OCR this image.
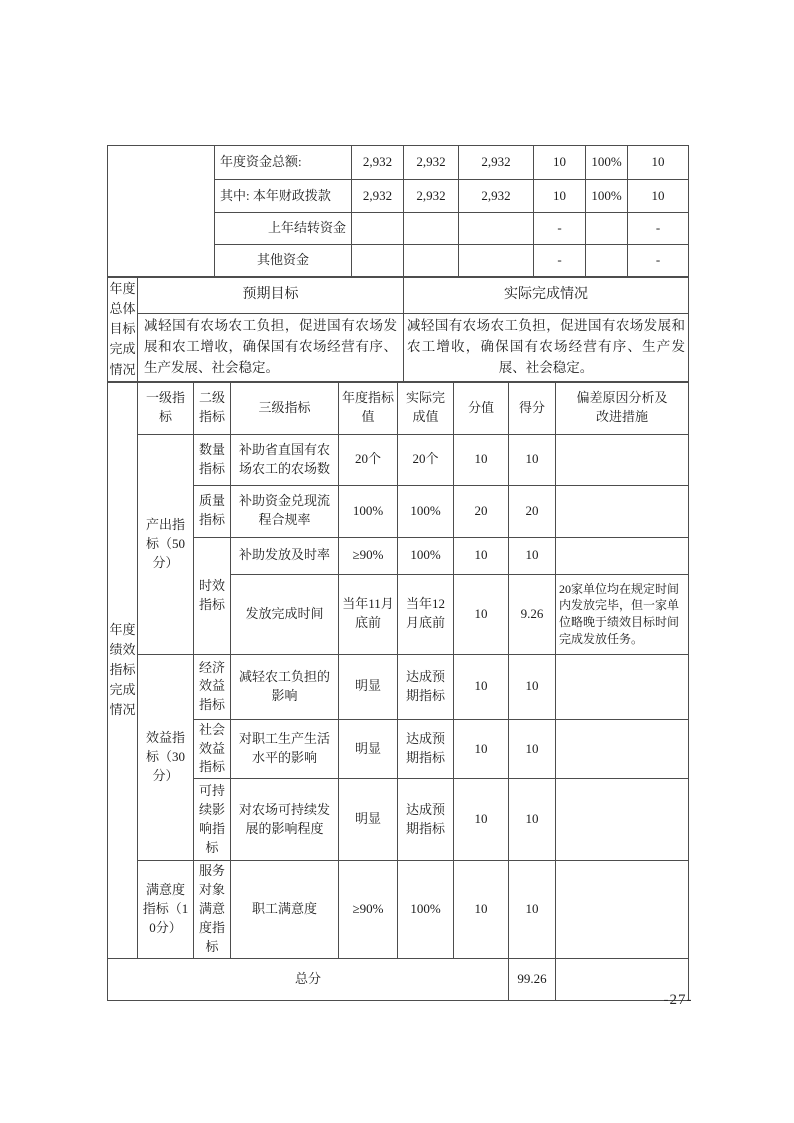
	年度资金总额:	2,932	2,932	2,932	10	100%	10
	其中: 本年财政拨款	2,932	2,932	2,932	10	100%	10
	上年结转资金				-		-
	其他资金				-		-
年度总体目标完成情况	预期目标	实际完成情况
	减轻国有农场农工负担，促进国有农场发展和农工增收，确保国有农场经营有序、生产发展、社会稳定。	减轻国有农场农工负担，促进国有农场发展和农工增收，确保国有农场经营有序、生产发展、社会稳定。
年度绩效指标完成情况	一级指标	二级指标	三级指标	年度指标值	实际完成值	分值	得分	偏差原因分析及改进措施
	产出指标（50分）	数量指标	补助省直国有农场农工的农场数	20个	20个	10	10	
		质量指标	补助资金兑现流程合规率	100%	100%	20	20	
		时效指标	补助发放及时率	≥90%	100%	10	10	
			发放完成时间	当年11月底前	当年12月底前	10	9.26	20家单位均在规定时间内发放完毕，但一家单位略晚于绩效目标时间完成发放任务。
	效益指标（30分）	经济效益指标	减轻农工负担的影响	明显	达成预期指标	10	10	
		社会效益指标	对职工生产生活水平的影响	明显	达成预期指标	10	10	
		可持续影响指标	对农场可持续发展的影响程度	明显	达成预期指标	10	10	
	满意度指标（10分）	服务对象满意度指标	职工满意度	≥90%	100%	10	10	
总分							99.26	
-27-
